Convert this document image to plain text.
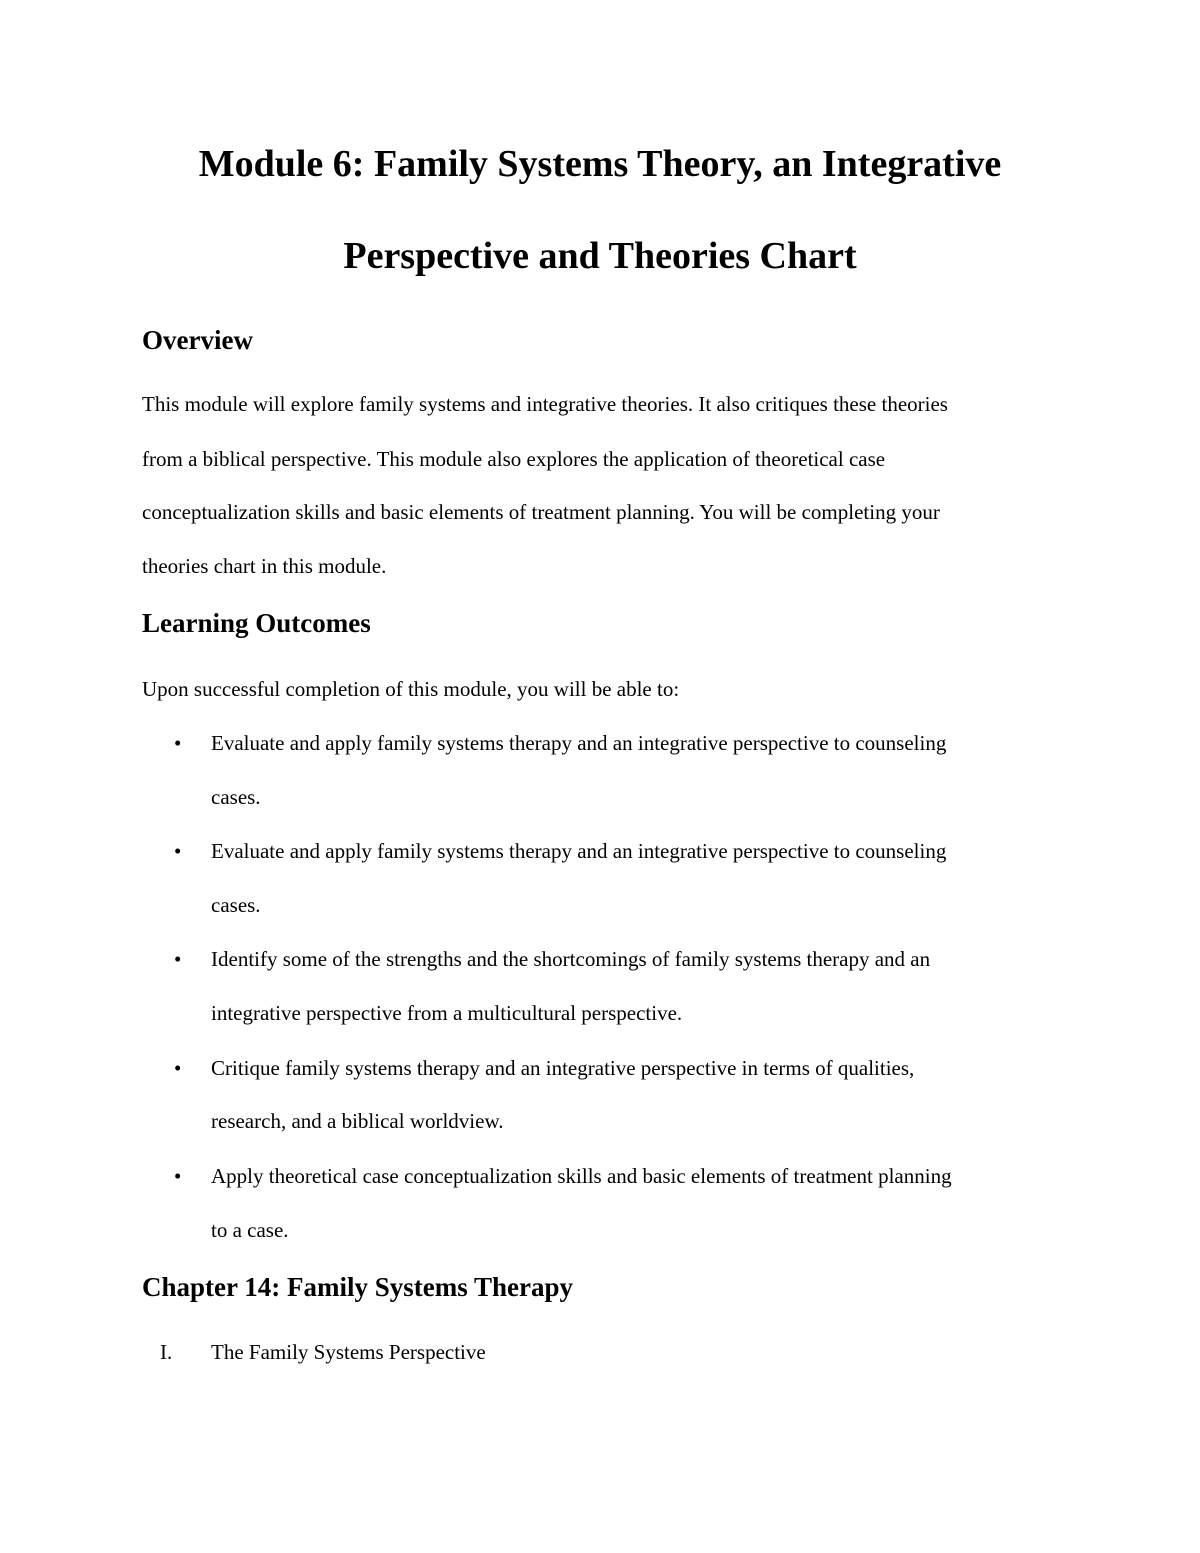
Module 6: Family Systems Theory, an Integrative
Perspective and Theories Chart
Overview
This module will explore family systems and integrative theories. It also critiques these theories
from a biblical perspective. This module also explores the application of theoretical case
conceptualization skills and basic elements of treatment planning. You will be completing your
theories chart in this module.
Learning Outcomes
Upon successful completion of this module, you will be able to:
• Evaluate and apply family systems therapy and an integrative perspective to counseling
cases.
• Evaluate and apply family systems therapy and an integrative perspective to counseling
cases.
• Identify some of the strengths and the shortcomings of family systems therapy and an
integrative perspective from a multicultural perspective.
• Critique family systems therapy and an integrative perspective in terms of qualities,
research, and a biblical worldview.
• Apply theoretical case conceptualization skills and basic elements of treatment planning
to a case.
Chapter 14: Family Systems Therapy
I. The Family Systems Perspective
